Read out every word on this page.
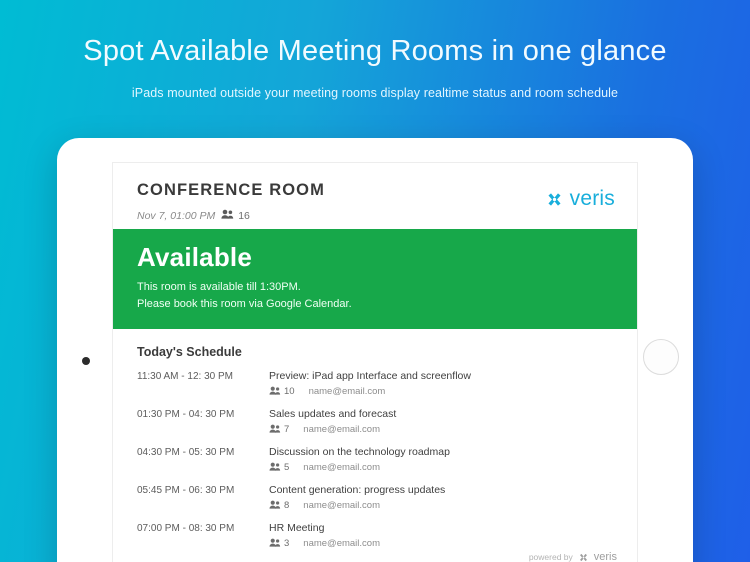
Spot Available Meeting Rooms in one glance
iPads mounted outside your meeting rooms display realtime status and room schedule
CONFERENCE ROOM
Nov 7, 01:00 PM 16
veris
Available
This room is available till 1:30PM.
Please book this room via Google Calendar.
Today's Schedule
11:30 AM - 12: 30 PM	Preview: iPad app Interface and screenflow
10 name@email.com
01:30 PM - 04: 30 PM	Sales updates and forecast
7 name@email.com
04:30 PM - 05: 30 PM	Discussion on the technology roadmap
5 name@email.com
05:45 PM - 06: 30 PM	Content generation: progress updates
8 name@email.com
07:00 PM - 08: 30 PM	HR Meeting
3 name@email.com
powered by veris
